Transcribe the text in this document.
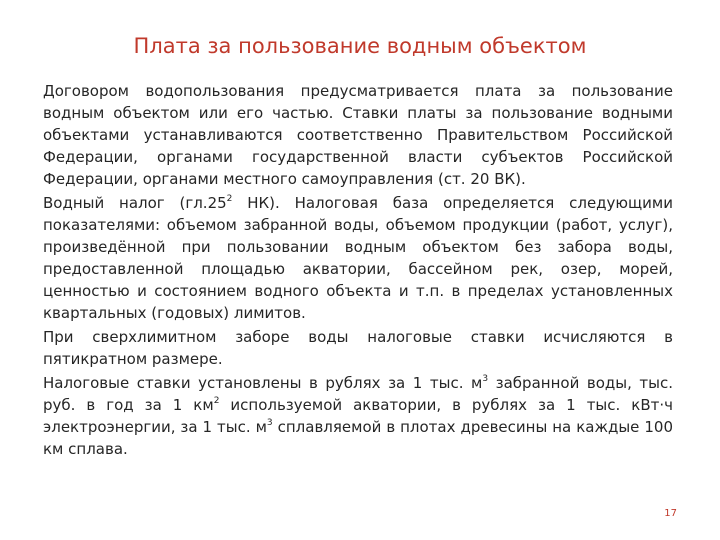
Плата за пользование водным объектом

Договором водопользования предусматривается плата за пользование водным объектом или его частью. Ставки платы за пользование водными объектами устанавливаются соответственно Правительством Российской Федерации, органами государственной власти субъектов Российской Федерации, органами местного самоуправления (ст. 20 ВК).

Водный налог ($гл.25^2$ НК). Налоговая база определяется следующими показателями: объемом забранной воды, объемом продукции (работ, услуг), произведённой при пользовании водным объектом без забора воды, предоставленной площадью акватории, бассейном рек, озер, морей, ценностью и состоянием водного объекта и т.п. в пределах установленных квартальных (годовых) лимитов.

При сверхлимитном заборе воды налоговые ставки исчисляются в пятикратном размере.

Налоговые ставки установлены в рублях за 1 тыс. $м^3$ забранной воды, тыс. руб. в год за 1 $км^2$ используемой акватории, в рублях за 1 тыс. кВт·ч электроэнергии, за 1 тыс. $м^3$ сплавляемой в плотах древесины на каждые 100 км сплава.

17
